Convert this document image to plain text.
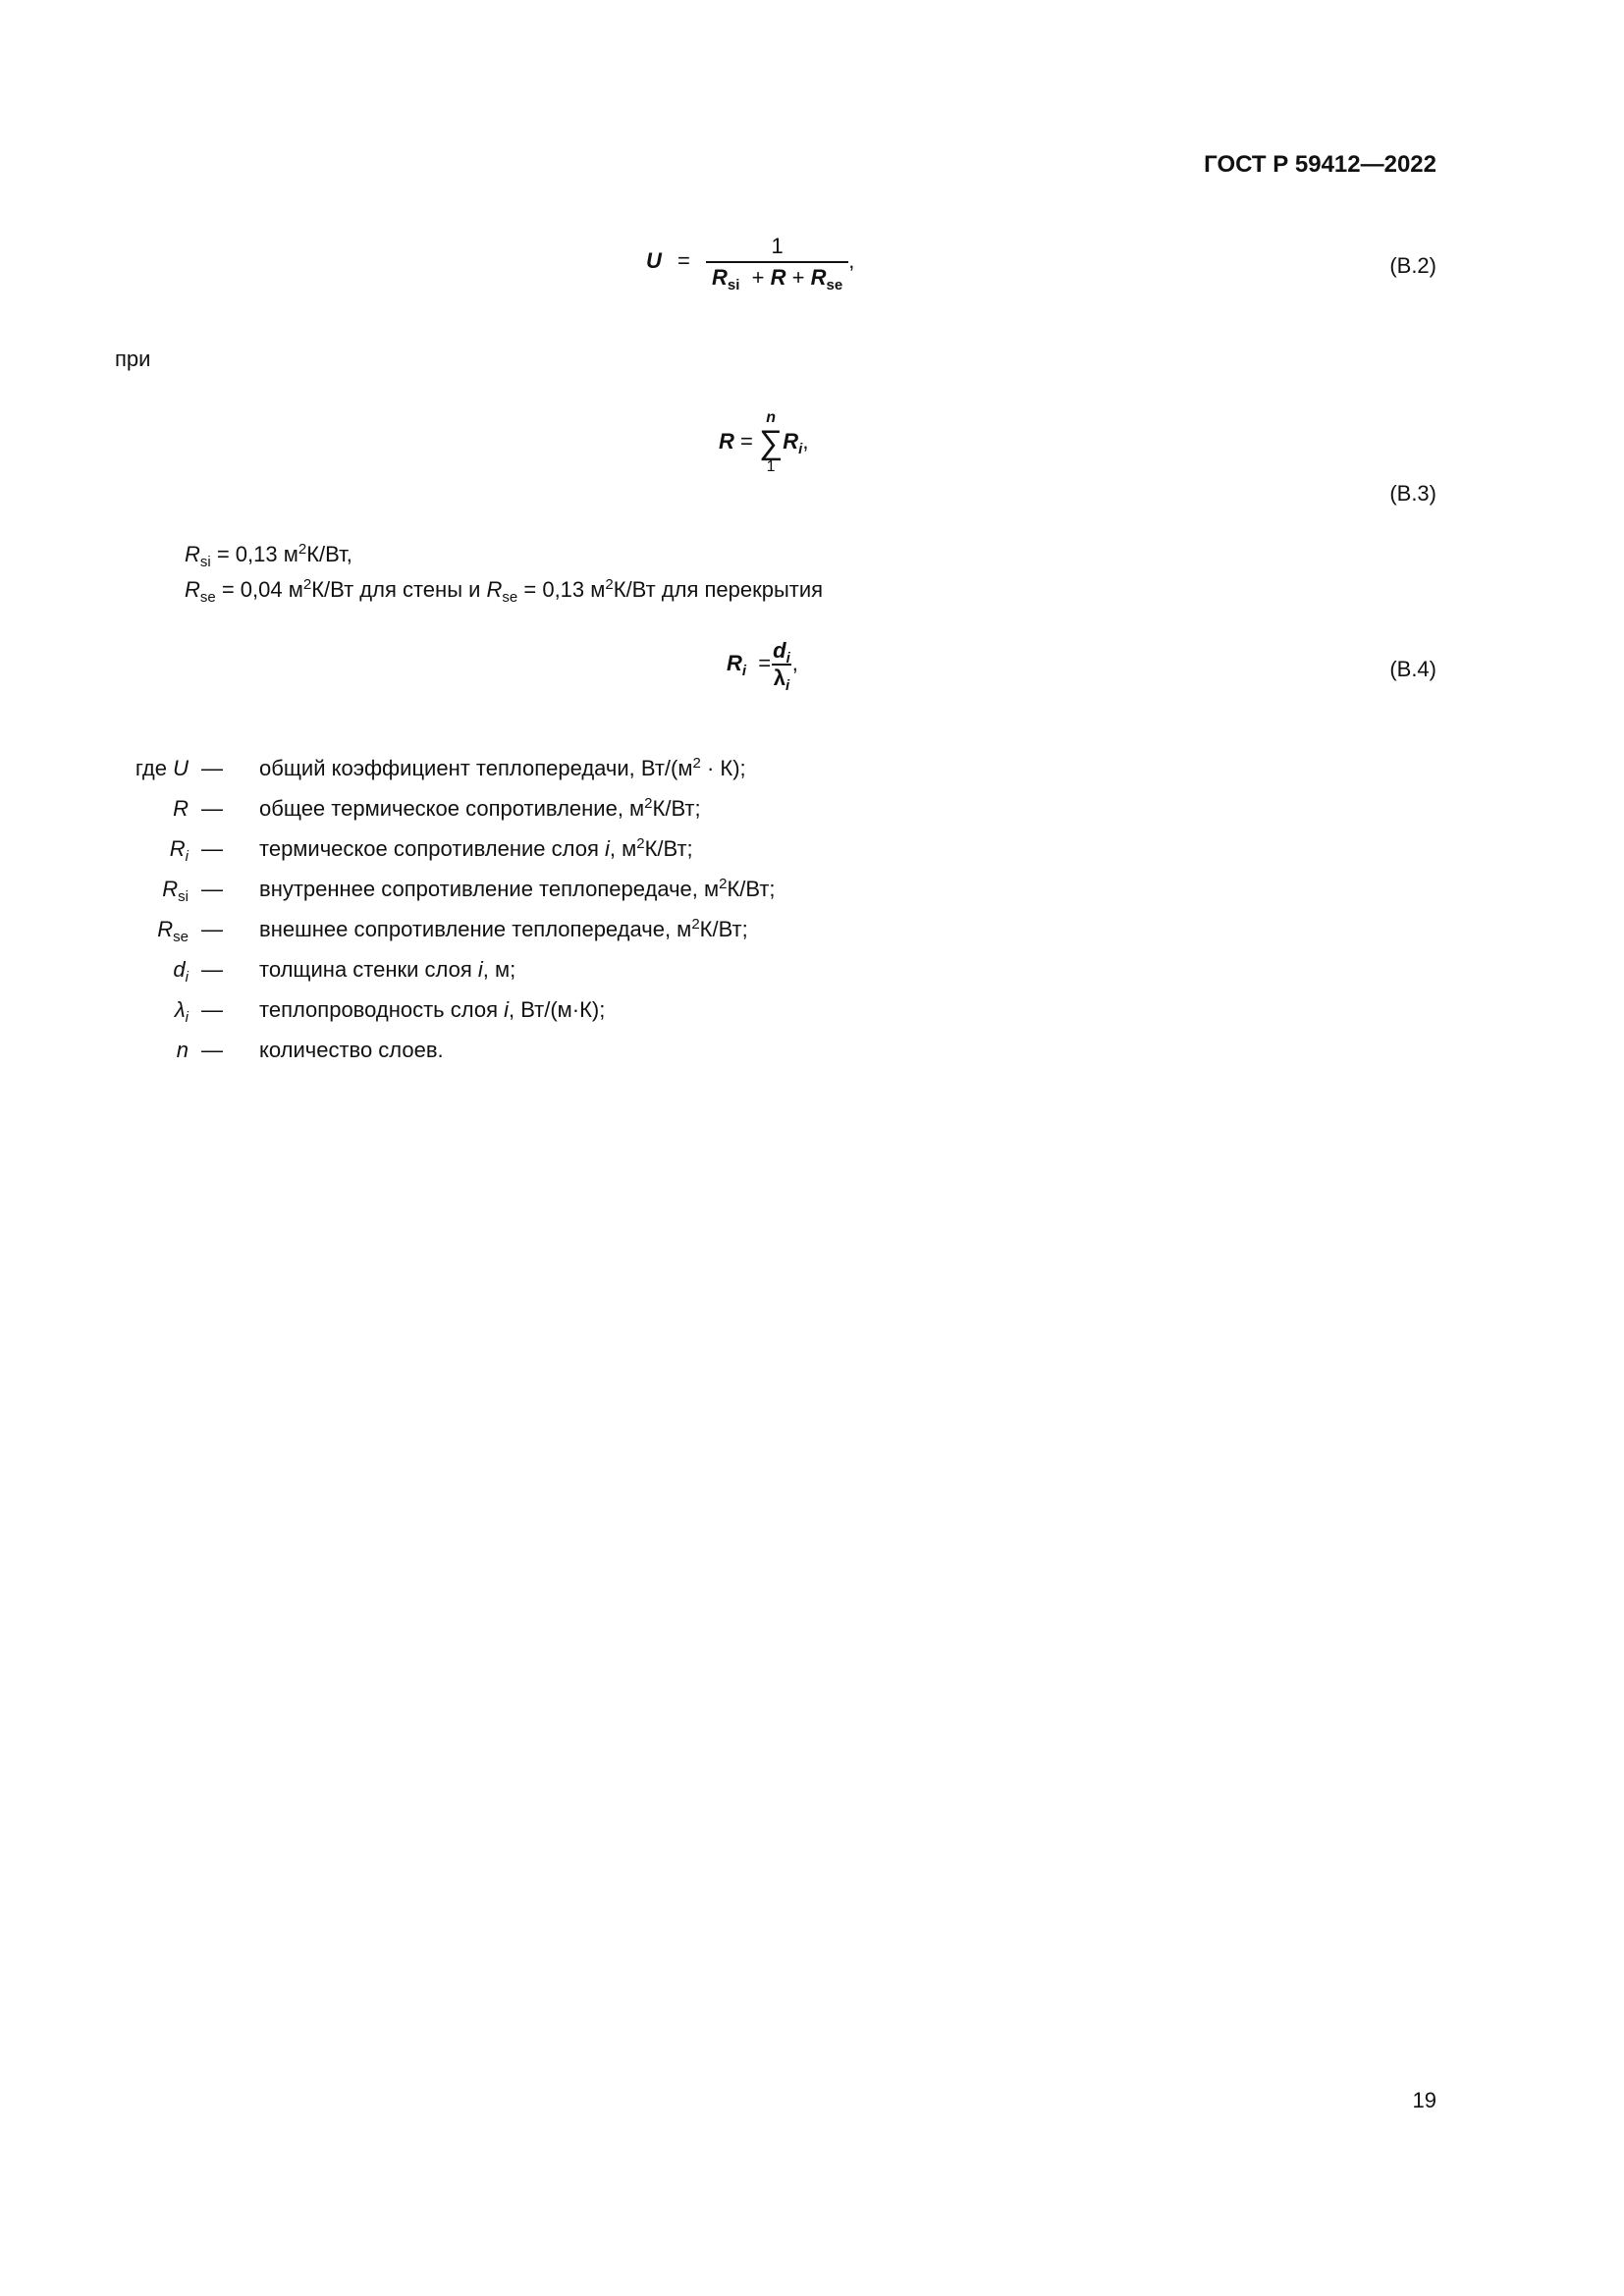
ГОСТ Р 59412—2022
$U = \frac{1}{R_{si} + R + R_{se}}$ ,	(В.2)
при
R =
n
∑
1
$R_i$,
(В.3)
$R_{si} = 0,13$ $м^2К/Вт$,
$R_{se} = 0,04$ $м^2К/Вт$ для стены и $R_{se} = 0,13$ $м^2К/Вт$ для перекрытия
$R_i = \frac{d_i}{\lambda_i}$ ,	(В.4)
где U — общий коэффициент теплопередачи, $Вт/(м^2 \cdot К)$;
R — общее термическое сопротивление, $м^2К/Вт$;
$R_i$ — термическое сопротивление слоя i, $м^2К/Вт$;
$R_{si}$ — внутреннее сопротивление теплопередаче, $м^2К/Вт$;
$R_{se}$ — внешнее сопротивление теплопередаче, $м^2К/Вт$;
$d_i$ — толщина стенки слоя i, м;
$\lambda_i$ — теплопроводность слоя i, Вт/(м·К);
n — количество слоев.
19
